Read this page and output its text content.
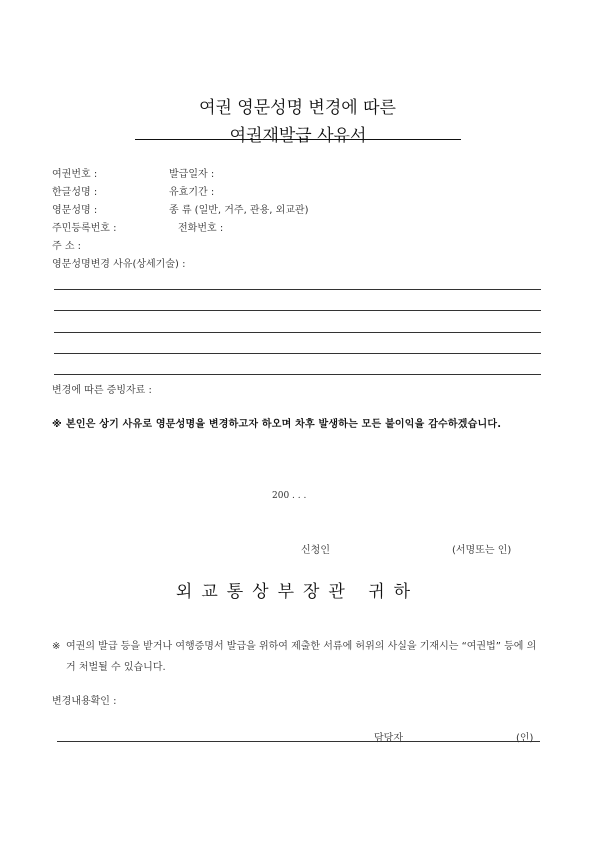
여권 영문성명 변경에 따른
여권재발급 사유서
여권번호 :	발급일자 :
한글성명 :	유효기간 :
영문성명 :	종 류 (일반, 거주, 관용, 외교관)
주민등록번호 :	전화번호 :
주 소 :
영문성명변경 사유(상세기술) :
변경에 따른 증빙자료 :
※ 본인은 상기 사유로 영문성명을 변경하고자 하오며 차후 발생하는 모든 불이익을 감수하겠습니다.
200 . . .
신청인	(서명또는 인)
외교통상부장관 귀하
※ 여권의 발급 등을 받거나 여행증명서 발급을 위하여 제출한 서류에 허위의 사실을 기재시는 “여권법” 등에 의거 처벌될 수 있습니다.
변경내용확인 :
담당자	(인)
